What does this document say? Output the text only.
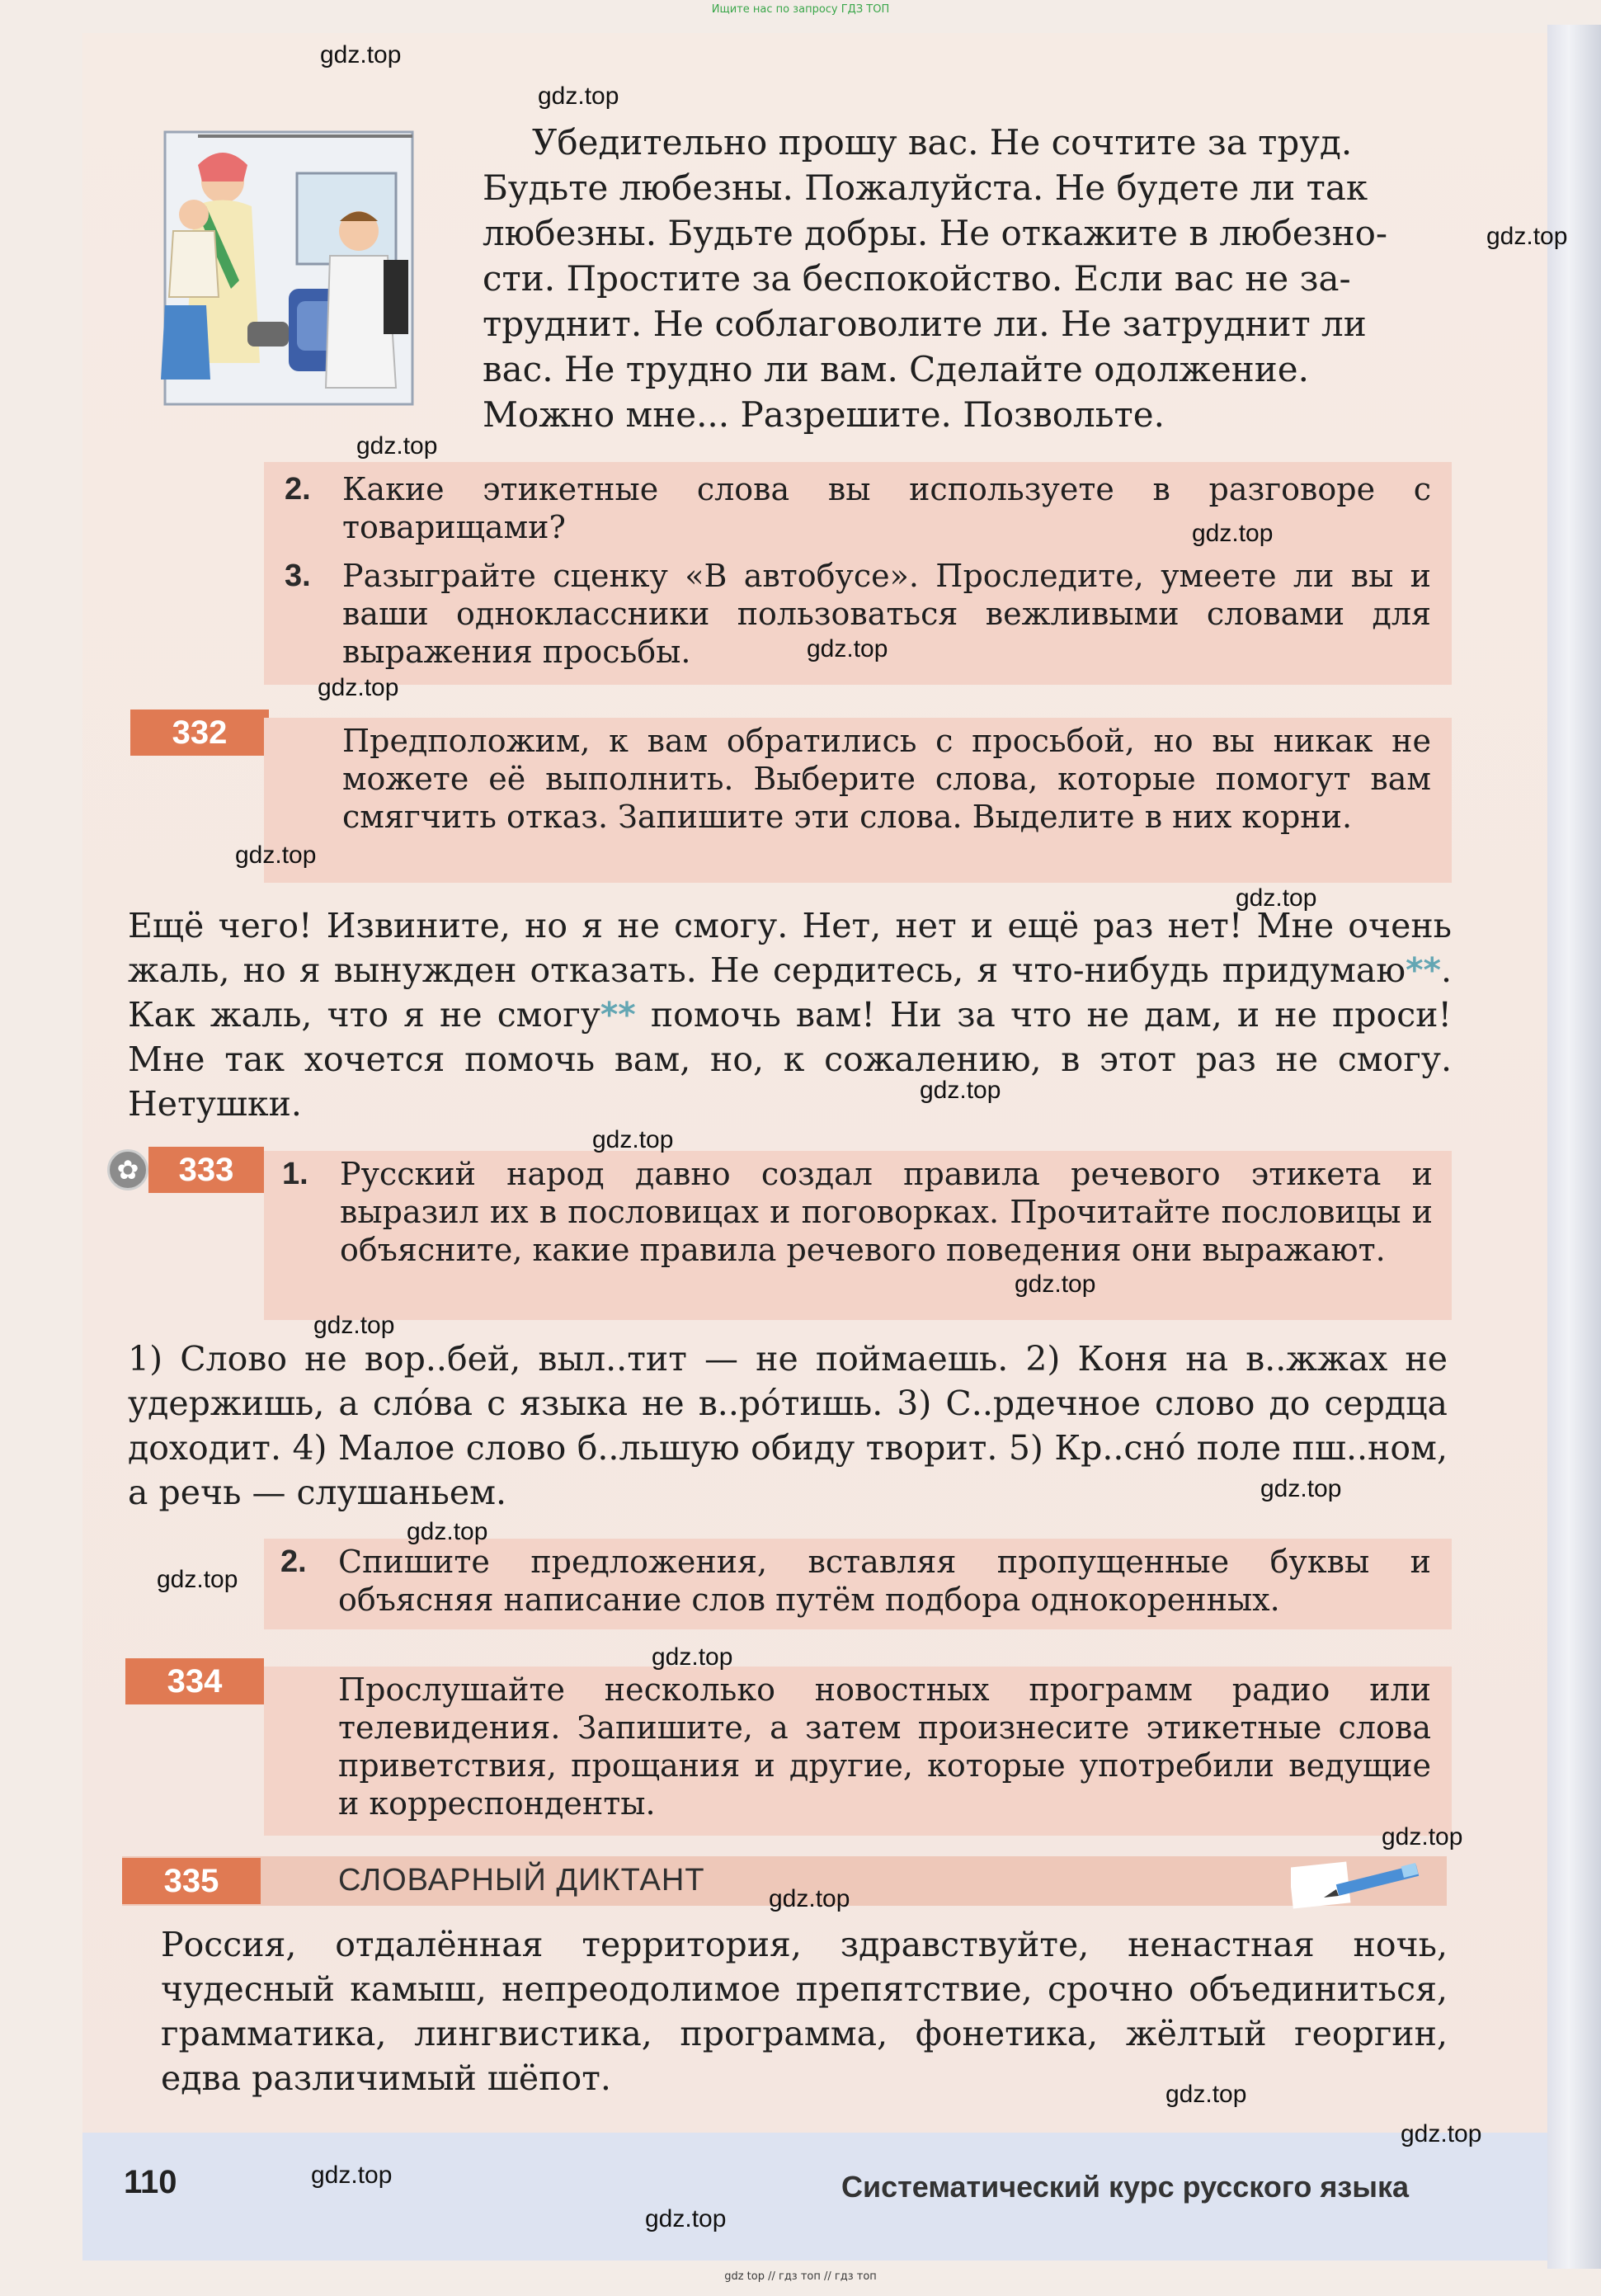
Ищите нас по запросу ГДЗ ТОП
Убедительно прошу вас. Не сочтите за труд.
Будьте любезны. Пожалуйста. Не будете ли так
любезны. Будьте добры. Не откажите в любезно-
сти. Простите за беспокойство. Если вас не за-
труднит. Не соблаговолите ли. Не затруднит ли
вас. Не трудно ли вам. Сделайте одолжение.
Можно мне... Разрешите. Позвольте.
2. Какие этикетные слова вы используете в разговоре с товарищами?
3. Разыграйте сценку «В автобусе». Проследите, умеете ли вы и ваши одноклассники пользоваться вежливыми словами для выражения просьбы.
332	Предположим, к вам обратились с просьбой, но вы никак не можете её выполнить. Выберите слова, которые помогут вам смягчить отказ. Запишите эти слова. Выделите в них корни.
Ещё чего! Извините, но я не смогу. Нет, нет и ещё раз нет! Мне очень жаль, но я вынужден отказать. Не сердитесь, я что-нибудь придумаю**. Как жаль, что я не смогу** помочь вам! Ни за что не дам, и не проси! Мне так хочется помочь вам, но, к сожалению, в этот раз не смогу. Нетушки.
✿
333	1. Русский народ давно создал правила речевого этикета и выразил их в пословицах и поговорках. Прочитайте пословицы и объясните, какие правила речевого поведения они выражают.
1) Слово не вор..бей, выл..тит — не поймаешь. 2) Коня на в..жжах не удержишь, а сло́ва с языка не в..ро́тишь. 3) С..рдечное слово до сердца доходит. 4) Малое слово б..льшую обиду творит. 5) Кр..сно́ поле пш..ном, а речь — слушаньем.
2. Спишите предложения, вставляя пропущенные буквы и объясняя написание слов путём подбора однокоренных.
334	Прослушайте несколько новостных программ радио или телевидения. Запишите, а затем произнесите этикетные слова приветствия, прощания и другие, которые употребили ведущие и корреспонденты.
335	СЛОВАРНЫЙ ДИКТАНТ
Россия, отдалённая территория, здравствуйте, ненастная ночь, чудесный камыш, непреодолимое препятствие, срочно объединиться, грамматика, лингвистика, программа, фонетика, жёлтый георгин, едва различимый шёпот.
110	Систематический курс русского языка
gdz top // гдз топ // гдз топ
gdz.top
gdz.top
gdz.top
gdz.top
gdz.top
gdz.top
gdz.top
gdz.top
gdz.top
gdz.top
gdz.top
gdz.top
gdz.top
gdz.top
gdz.top
gdz.top
gdz.top
gdz.top
gdz.top
gdz.top
gdz.top
gdz.top
gdz.top
